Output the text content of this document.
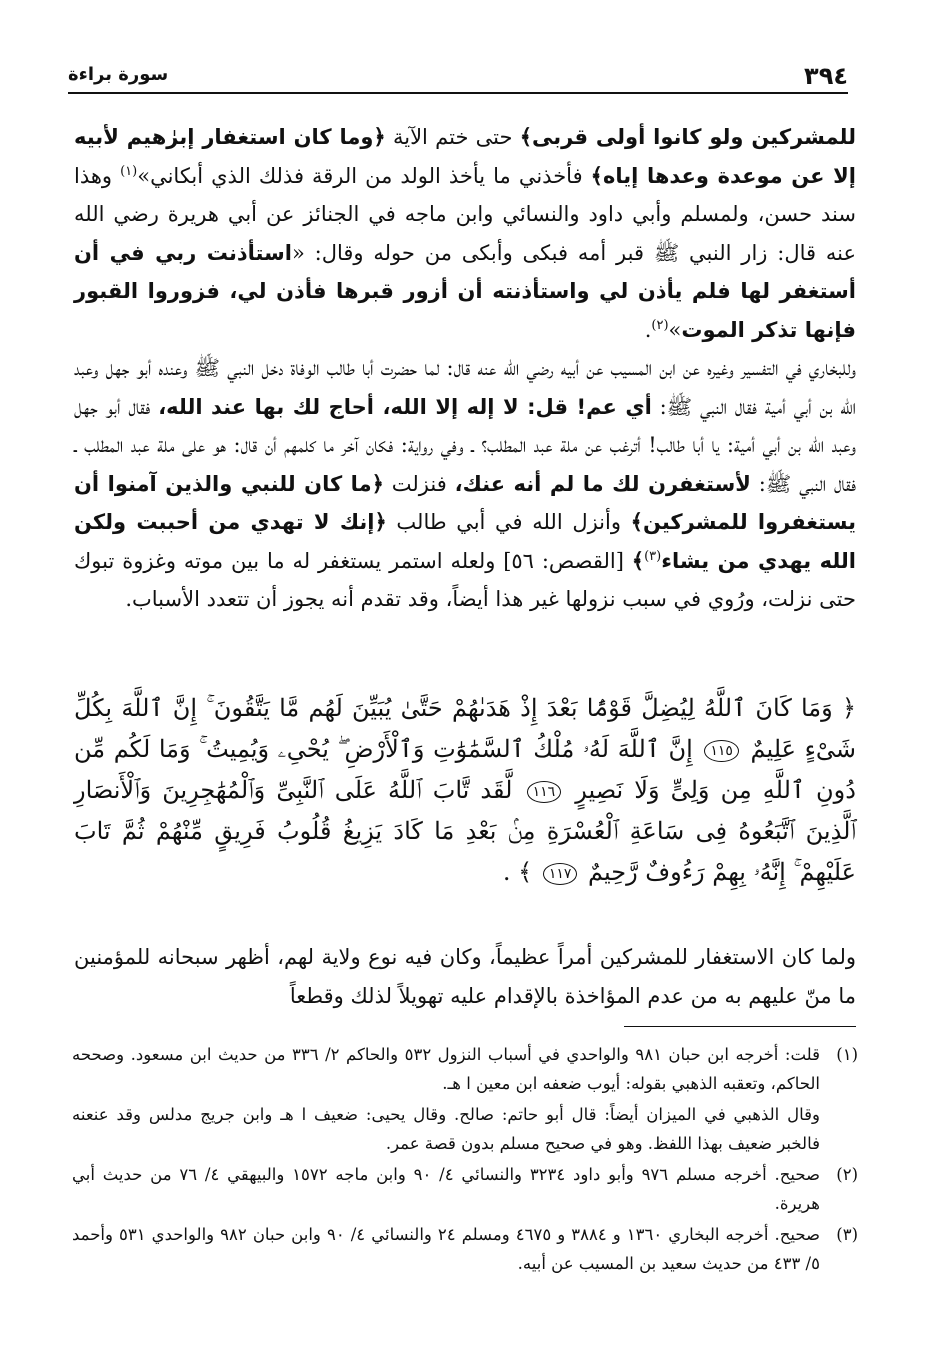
٣٩٤
سورة براءة

للمشركين ولو كانوا أولى قربى﴾ حتى ختم الآية ﴿وما كان استغفار إبرٰهيم لأبيه إلا عن موعدة وعدها إياه﴾ فأخذني ما يأخذ الولد من الرقة فذلك الذي أبكاني»$^{(١)}$ وهذا سند حسن، ولمسلم وأبي داود والنسائي وابن ماجه في الجنائز عن أبي هريرة رضي الله عنه قال: زار النبي ﷺ قبر أمه فبكى وأبكى من حوله وقال: «استأذنت ربي في أن أستغفر لها فلم يأذن لي واستأذنته أن أزور قبرها فأذن لي، فزوروا القبور فإنها تذكر الموت»$^{(٢)}$.

وللبخاري في التفسير وغيره عن ابن المسيب عن أبيه رضي الله عنه قال: لما حضرت أبا طالب الوفاة دخل النبي ﷺ وعنده أبو جهل وعبد الله بن أبي أمية فقال النبي ﷺ: أي عم! قل: لا إله إلا الله، أحاج لك بها عند الله، فقال أبو جهل وعبد الله بن أبي أمية: يا أبا طالب! أترغب عن ملة عبد المطلب؟ ـ وفي رواية: فكان آخر ما كلمهم أن قال: هو على ملة عبد المطلب ـ فقال النبي ﷺ: لأستغفرن لك ما لم أنه عنك، فنزلت ﴿ما كان للنبي والذين آمنوا أن يستغفروا للمشركين﴾ وأنزل الله في أبي طالب ﴿إنك لا تهدي من أحببت ولكن الله يهدي من يشاء$^{(٣)}$﴾ [القصص: ٥٦] ولعله استمر يستغفر له ما بين موته وغزوة تبوك حتى نزلت، ورُوي في سبب نزولها غير هذا أيضاً، وقد تقدم أنه يجوز أن تتعدد الأسباب.

﴿ وَمَا كَانَ ٱللَّهُ لِيُضِلَّ قَوْمًۢا بَعْدَ إِذْ هَدَىٰهُمْ حَتَّىٰ يُبَيِّنَ لَهُم مَّا يَتَّقُونَ ۚ إِنَّ ٱللَّهَ بِكُلِّ شَىْءٍ عَلِيمٌ ١١٥ إِنَّ ٱللَّهَ لَهُۥ مُلْكُ ٱلسَّمَٰوَٰتِ وَٱلْأَرْضِ ۖ يُحْىِۦ وَيُمِيتُ ۚ وَمَا لَكُم مِّن دُونِ ٱللَّهِ مِن وَلِىٍّ وَلَا نَصِيرٍ ١١٦ لَّقَد تَّابَ ٱللَّهُ عَلَى ٱلنَّبِىِّ وَٱلْمُهَٰجِرِينَ وَٱلْأَنصَارِ ٱلَّذِينَ ٱتَّبَعُوهُ فِى سَاعَةِ ٱلْعُسْرَةِ مِنۢ بَعْدِ مَا كَادَ يَزِيغُ قُلُوبُ فَرِيقٍ مِّنْهُمْ ثُمَّ تَابَ عَلَيْهِمْ ۚ إِنَّهُۥ بِهِمْ رَءُوفٌ رَّحِيمٌ ١١٧ ﴾ .
ولما كان الاستغفار للمشركين أمراً عظيماً، وكان فيه نوع ولاية لهم، أظهر سبحانه للمؤمنين ما منّ عليهم به من عدم المؤاخذة بالإقدام عليه تهويلاً لذلك وقطعاً
(١)
قلت: أخرجه ابن حبان ٩٨١ والواحدي في أسباب النزول ٥٣٢ والحاكم ٢/ ٣٣٦ من حديث ابن مسعود. وصححه الحاكم، وتعقبه الذهبي بقوله: أيوب ضعفه ابن معين ا هـ.
وقال الذهبي في الميزان أيضاً: قال أبو حاتم: صالح. وقال يحيى: ضعيف ا هـ وابن جريج مدلس وقد عنعنه فالخبر ضعيف بهذا اللفظ. وهو في صحيح مسلم بدون قصة عمر.
(٢)
صحيح. أخرجه مسلم ٩٧٦ وأبو داود ٣٢٣٤ والنسائي ٤/ ٩٠ وابن ماجه ١٥٧٢ والبيهقي ٤/ ٧٦ من حديث أبي هريرة.
(٣)
صحيح. أخرجه البخاري ١٣٦٠ و ٣٨٨٤ و ٤٦٧٥ ومسلم ٢٤ والنسائي ٤/ ٩٠ وابن حبان ٩٨٢ والواحدي ٥٣١ وأحمد ٥/ ٤٣٣ من حديث سعيد بن المسيب عن أبيه.
